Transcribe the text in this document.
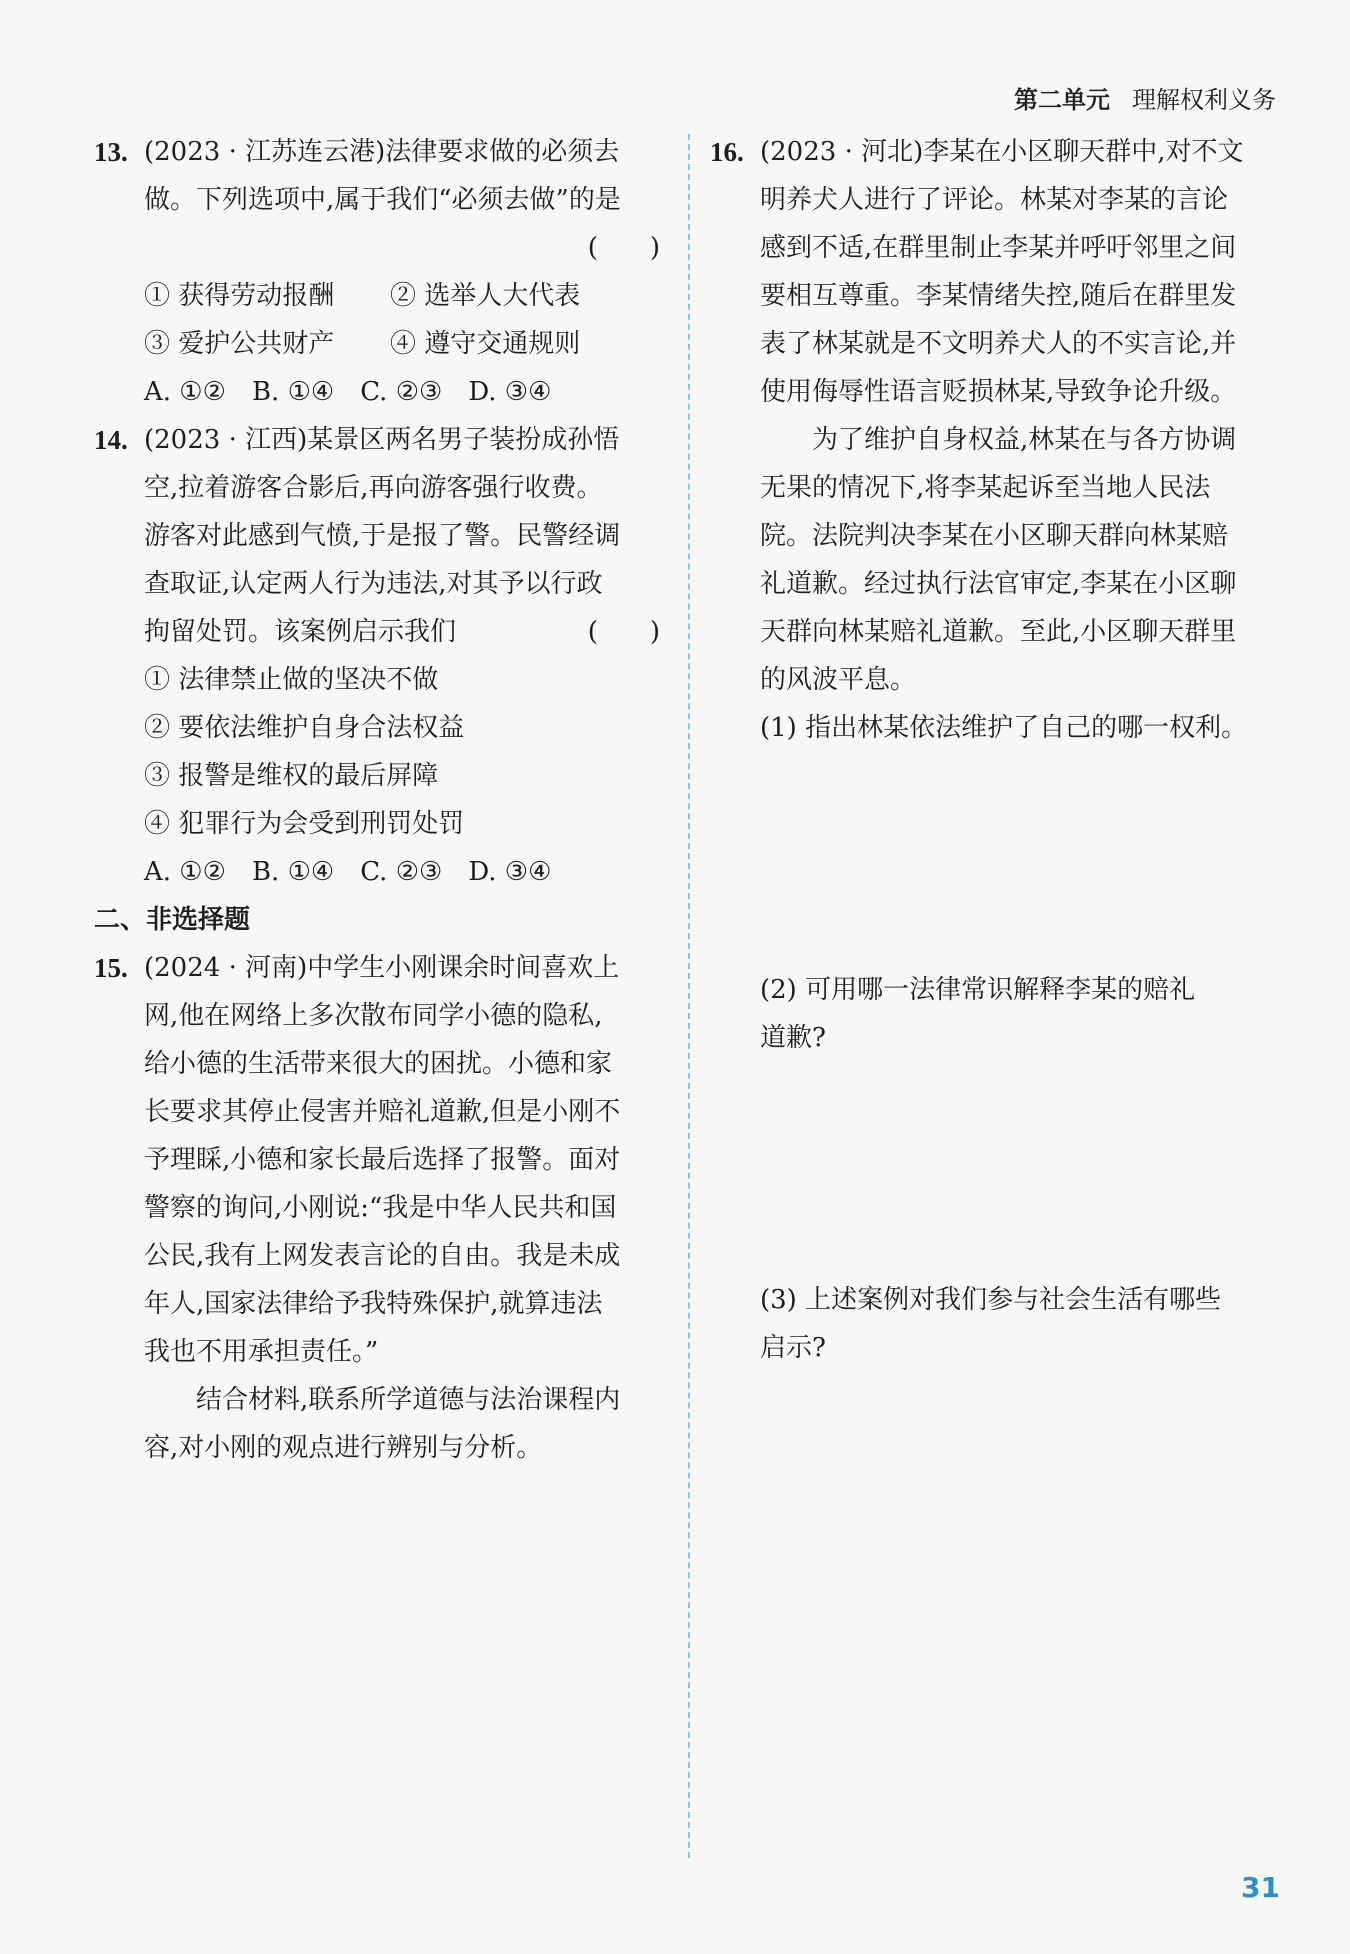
第二单元 理解权利义务
13. (2023 · 江苏连云港)法律要求做的必须去
做。下列选项中,属于我们“必须去做”的是
(　　)
① 获得劳动报酬 ② 选举人大代表
③ 爱护公共财产 ④ 遵守交通规则
A. ①② B. ①④ C. ②③ D. ③④
14. (2023 · 江西)某景区两名男子装扮成孙悟
空,拉着游客合影后,再向游客强行收费。
游客对此感到气愤,于是报了警。民警经调
查取证,认定两人行为违法,对其予以行政
拘留处罚。该案例启示我们	(　　)
① 法律禁止做的坚决不做
② 要依法维护自身合法权益
③ 报警是维权的最后屏障
④ 犯罪行为会受到刑罚处罚
A. ①② B. ①④ C. ②③ D. ③④
二、非选择题
15. (2024 · 河南)中学生小刚课余时间喜欢上
网,他在网络上多次散布同学小德的隐私,
给小德的生活带来很大的困扰。小德和家
长要求其停止侵害并赔礼道歉,但是小刚不
予理睬,小德和家长最后选择了报警。面对
警察的询问,小刚说:“我是中华人民共和国
公民,我有上网发表言论的自由。我是未成
年人,国家法律给予我特殊保护,就算违法
我也不用承担责任。”
结合材料,联系所学道德与法治课程内
容,对小刚的观点进行辨别与分析。
16. (2023 · 河北)李某在小区聊天群中,对不文
明养犬人进行了评论。林某对李某的言论
感到不适,在群里制止李某并呼吁邻里之间
要相互尊重。李某情绪失控,随后在群里发
表了林某就是不文明养犬人的不实言论,并
使用侮辱性语言贬损林某,导致争论升级。
为了维护自身权益,林某在与各方协调
无果的情况下,将李某起诉至当地人民法
院。法院判决李某在小区聊天群向林某赔
礼道歉。经过执行法官审定,李某在小区聊
天群向林某赔礼道歉。至此,小区聊天群里
的风波平息。
(1) 指出林某依法维护了自己的哪一权利。
(2) 可用哪一法律常识解释李某的赔礼
道歉?
(3) 上述案例对我们参与社会生活有哪些
启示?
31
